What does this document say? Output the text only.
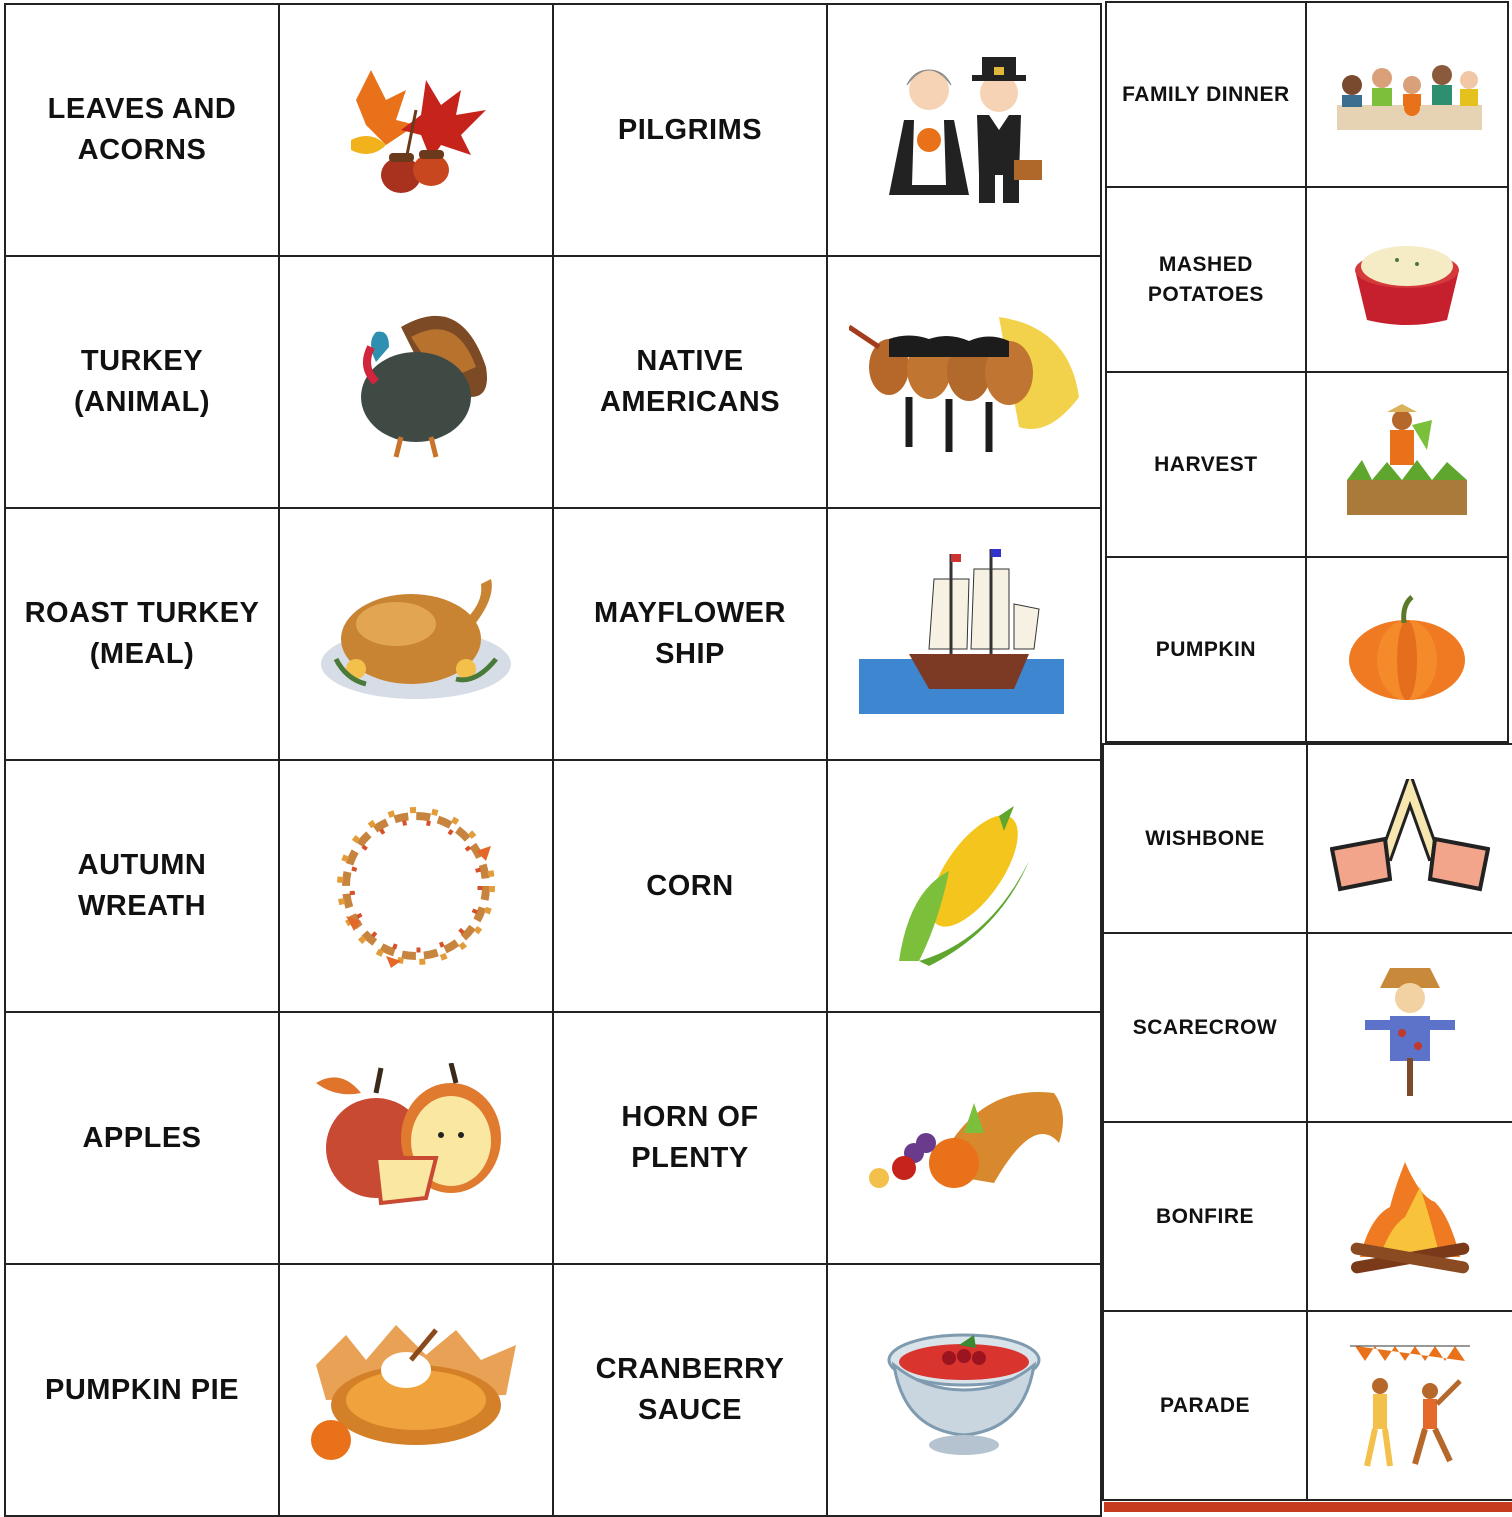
LEAVES AND
ACORNS		PILGRIMS

TURKEY
(ANIMAL)		NATIVE
AMERICANS

ROAST TURKEY
(MEAL)		MAYFLOWER
SHIP

AUTUMN
WREATH		CORN

APPLES		HORN OF PLENTY

PUMPKIN PIE		CRANBERRY
SAUCE

FAMILY DINNER

MASHED
POTATOES

HARVEST

PUMPKIN

WISHBONE

SCARECROW

BONFIRE

PARADE
